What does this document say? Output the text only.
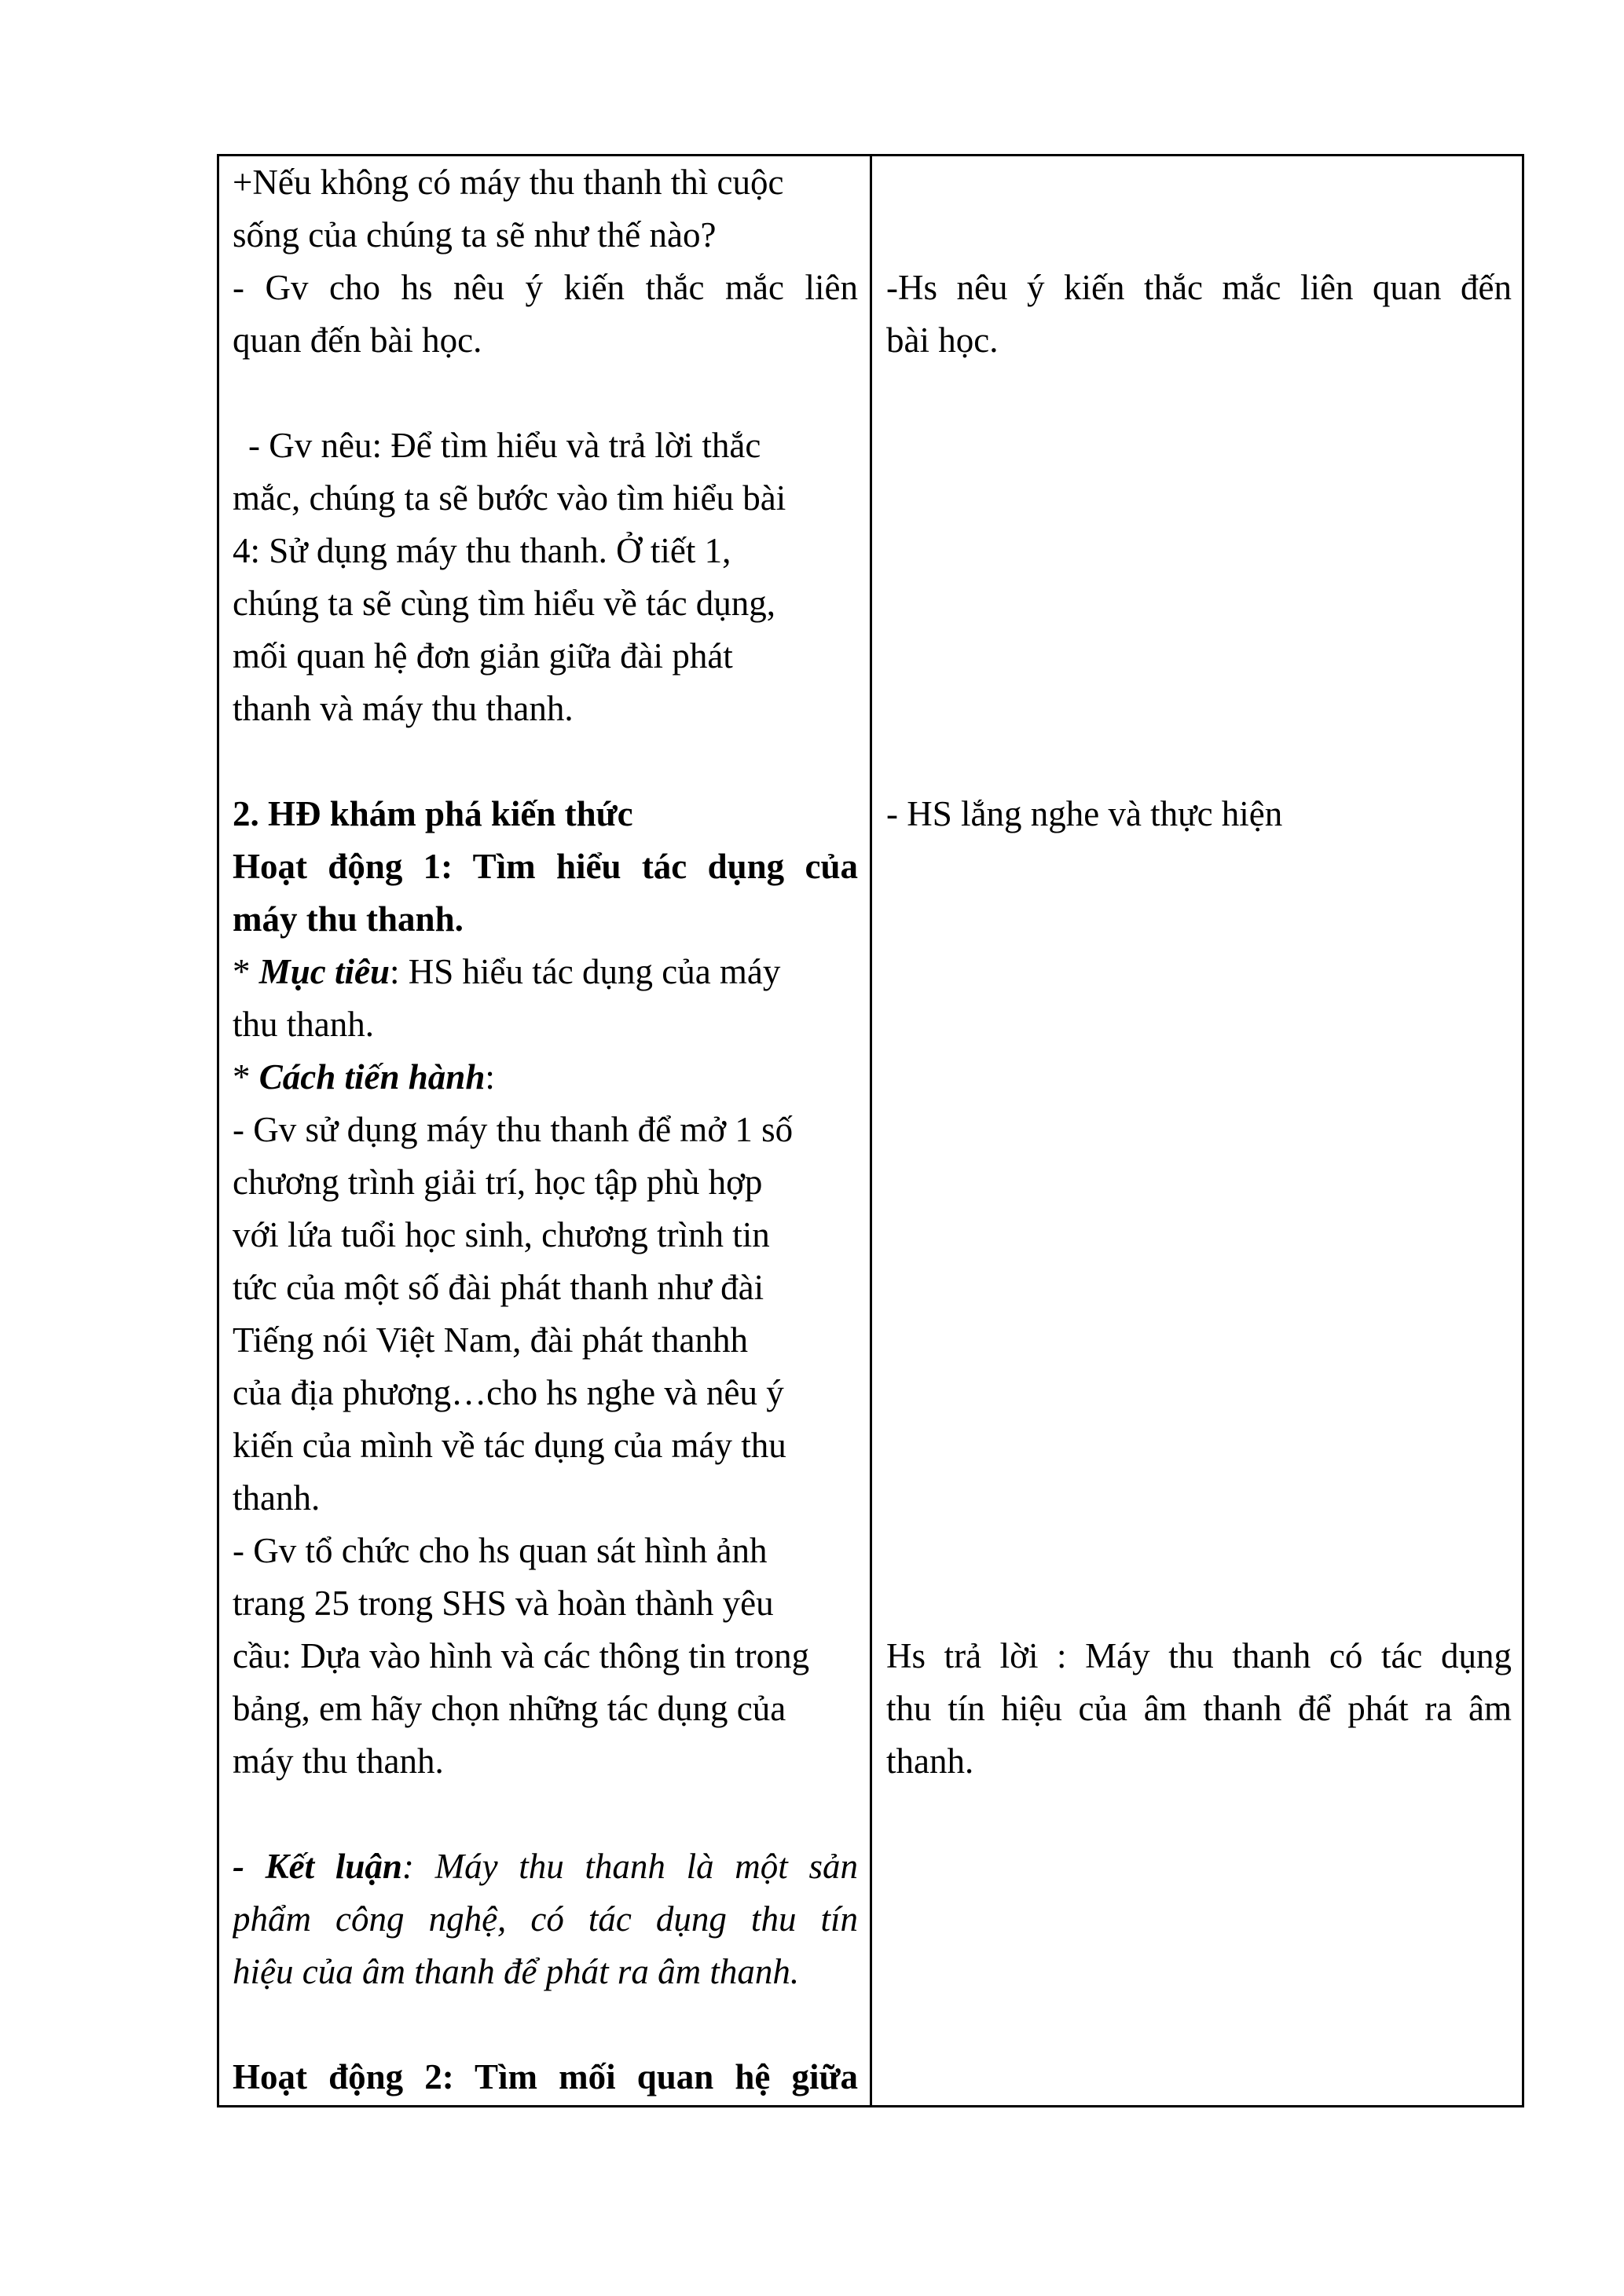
+Nếu không có máy thu thanh thì cuộc
sống của chúng ta sẽ như thế nào?
- Gv cho hs nêu ý kiến thắc mắc liên
quan đến bài học.
- Gv nêu: Để tìm hiểu và trả lời thắc
mắc, chúng ta sẽ bước vào tìm hiểu bài
4: Sử dụng máy thu thanh. Ở tiết 1,
chúng ta sẽ cùng tìm hiểu về tác dụng,
mối quan hệ đơn giản giữa đài phát
thanh và máy thu thanh.
2. HĐ khám phá kiến thức
Hoạt động 1: Tìm hiểu tác dụng của
máy thu thanh.
* Mục tiêu: HS hiểu tác dụng của máy
thu thanh.
* Cách tiến hành:
- Gv sử dụng máy thu thanh để mở 1 số
chương trình giải trí, học tập phù hợp
với lứa tuổi học sinh, chương trình tin
tức của một số đài phát thanh như đài
Tiếng nói Việt Nam, đài phát thanhh
của địa phương…cho hs nghe và nêu ý
kiến của mình về tác dụng của máy thu
thanh.
- Gv tổ chức cho hs quan sát hình ảnh
trang 25 trong SHS và hoàn thành yêu
cầu: Dựa vào hình và các thông tin trong
bảng, em hãy chọn những tác dụng của
máy thu thanh.
- Kết luận: Máy thu thanh là một sản
phẩm công nghệ, có tác dụng thu tín
hiệu của âm thanh để phát ra âm thanh.
Hoạt động 2: Tìm mối quan hệ giữa
-Hs nêu ý kiến thắc mắc liên quan đến
bài học.
- HS lắng nghe và thực hiện
Hs trả lời : Máy thu thanh có tác dụng
thu tín hiệu của âm thanh để phát ra âm
thanh.
